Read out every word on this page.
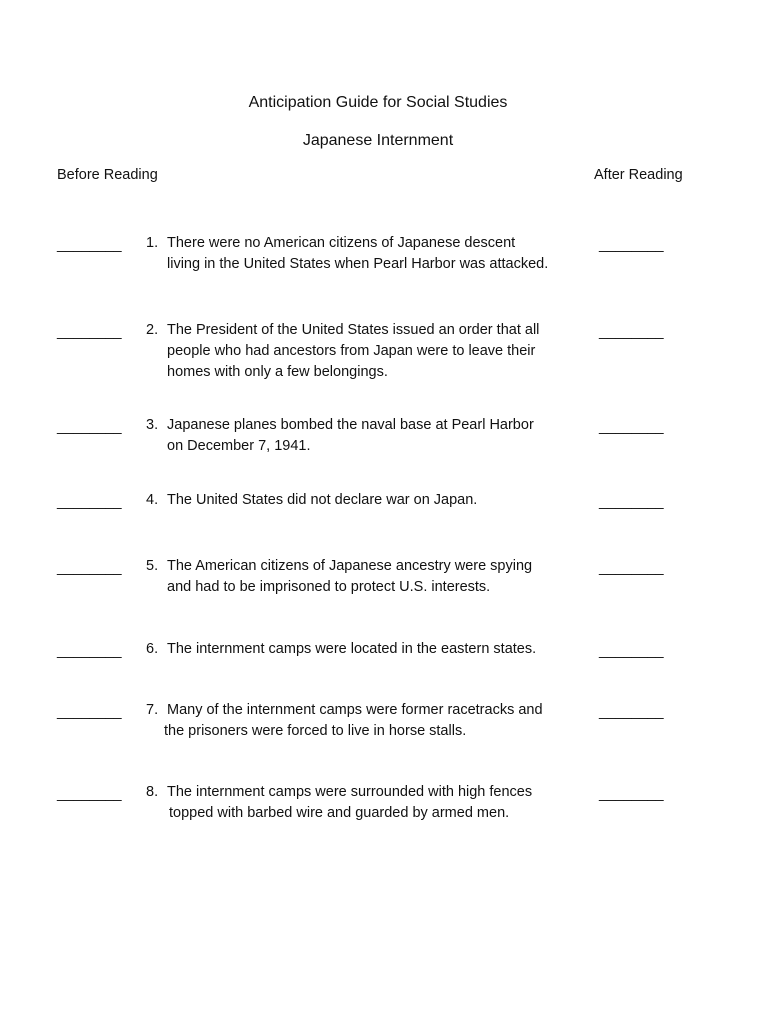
Anticipation Guide for Social Studies
Japanese Internment
Before Reading	After Reading
________ 1. There were no American citizens of Japanese descent
living in the United States when Pearl Harbor was attacked.
________
________ 2. The President of the United States issued an order that all
people who had ancestors from Japan were to leave their
homes with only a few belongings.
________
________ 3. Japanese planes bombed the naval base at Pearl Harbor
on December 7, 1941.
________
________ 4. The United States did not declare war on Japan.	________
________ 5. The American citizens of Japanese ancestry were spying
and had to be imprisoned to protect U.S. interests.
________
________ 6. The internment camps were located in the eastern states.	________
________ 7. Many of the internment camps were former racetracks and
the prisoners were forced to live in horse stalls.
________
________ 8. The internment camps were surrounded with high fences
topped with barbed wire and guarded by armed men.
________
